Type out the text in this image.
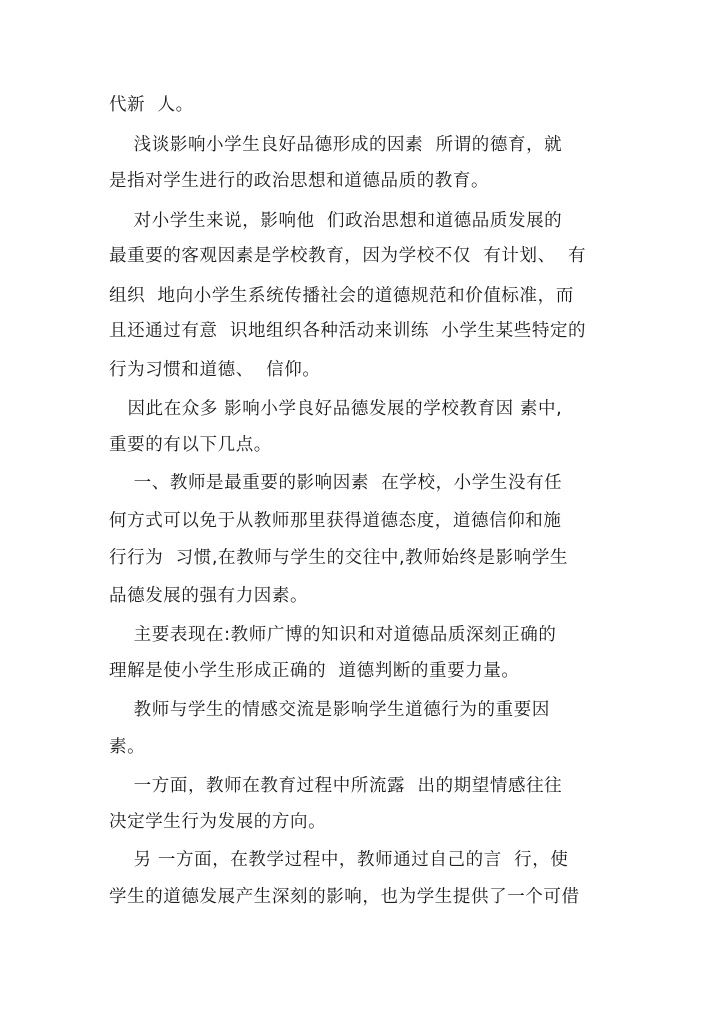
代新  人。
浅谈影响小学生良好品德形成的因素  所谓的德育，就
是指对学生进行的政治思想和道德品质的教育。
对小学生来说，影响他  们政治思想和道德品质发展的
最重要的客观因素是学校教育，因为学校不仅  有计划、  有
组织  地向小学生系统传播社会的道德规范和价值标准，而
且还通过有意  识地组织各种活动来训练  小学生某些特定的
行为习惯和道德、  信仰。
因此在众多 影响小学良好品德发展的学校教育因 素中,
重要的有以下几点。
一、教师是最重要的影响因素  在学校，小学生没有任
何方式可以免于从教师那里获得道德态度，道德信仰和施
行行为  习惯,在教师与学生的交往中,教师始终是影响学生
品德发展的强有力因素。
主要表现在:教师广博的知识和对道德品质深刻正确的
理解是使小学生形成正确的  道德判断的重要力量。
教师与学生的情感交流是影响学生道德行为的重要因
素。
一方面，教师在教育过程中所流露  出的期望情感往往
决定学生行为发展的方向。
另 一方面，在教学过程中，教师通过自己的言  行，使
学生的道德发展产生深刻的影响，也为学生提供了一个可借
